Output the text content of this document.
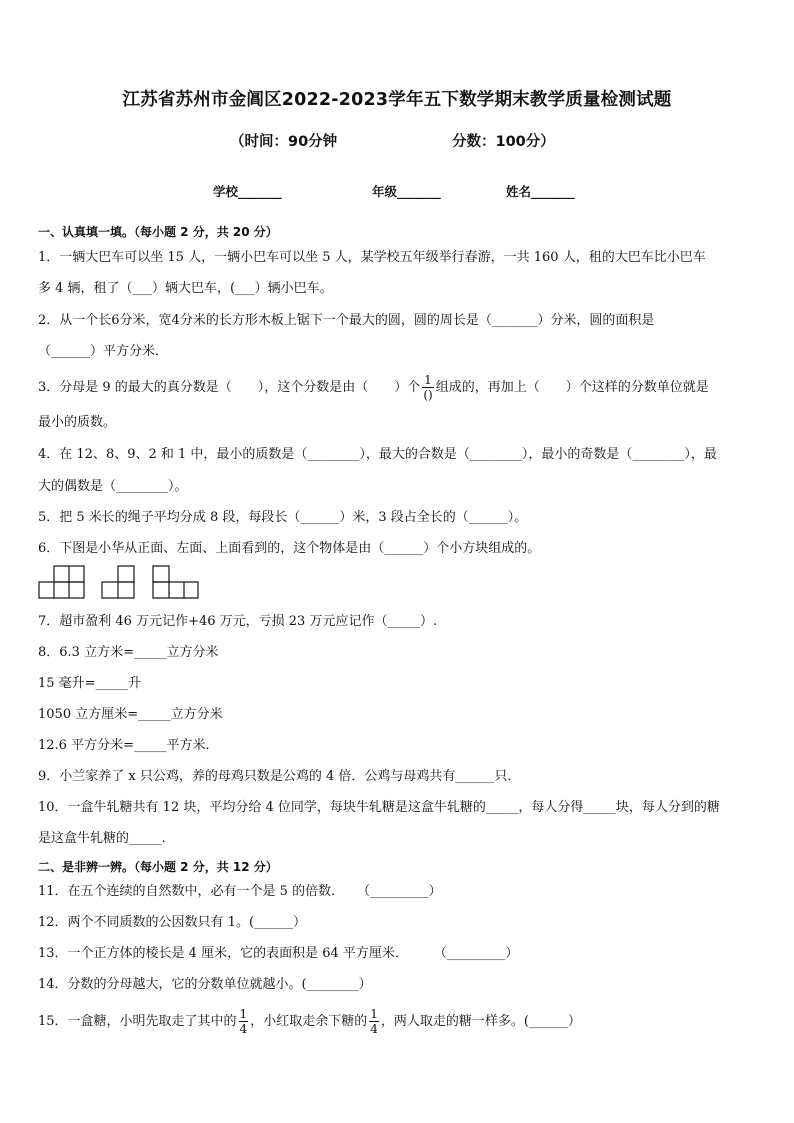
江苏省苏州市金阊区2022-2023学年五下数学期末教学质量检测试题
（时间：90分钟	分数：100分）
学校_______	年级_______	姓名_______
一、认真填一填。（每小题 2 分，共 20 分）
1．一辆大巴车可以坐 15 人，一辆小巴车可以坐 5 人，某学校五年级举行春游，一共 160 人，租的大巴车比小巴车
多 4 辆，租了（___）辆大巴车，(___）辆小巴车。
2．从一个长6分米，宽4分米的长方形木板上锯下一个最大的圆，圆的周长是（_______）分米，圆的面积是
（______）平方分米．
3．分母是 9 的最大的真分数是（　　），这个分数是由（　　）个 $\frac{1}{()}$ 组成的，再加上（　　）个这样的分数单位就是
最小的质数。
4．在 12、8、9、2 和 1 中，最小的质数是（________），最大的合数是（________），最小的奇数是（________），最
大的偶数是（________）。
5．把 5 米长的绳子平均分成 8 段，每段长（______）米，3 段占全长的（______）。
6．下图是小华从正面、左面、上面看到的，这个物体是由（______）个小方块组成的。
7．超市盈利 46 万元记作+46 万元，亏损 23 万元应记作（_____）.
8．6.3 立方米=_____立方分米
15 毫升=_____升
1050 立方厘米=_____立方分米
12.6 平方分米=_____平方米．
9．小兰家养了 x 只公鸡，养的母鸡只数是公鸡的 4 倍．公鸡与母鸡共有______只．
10．一盒牛轧糖共有 12 块，平均分给 4 位同学，每块牛轧糖是这盒牛轧糖的_____，每人分得_____块，每人分到的糖
是这盒牛轧糖的_____.
二、是非辨一辨。（每小题 2 分，共 12 分）
11．在五个连续的自然数中，必有一个是 5 的倍数．　　（_________）
12．两个不同质数的公因数只有 1。(______）
13．一个正方体的棱长是 4 厘米，它的表面积是 64 平方厘米．　　　（_________）
14．分数的分母越大，它的分数单位就越小。(________）
15．一盒糖，小明先取走了其中的 $\frac{1}{4}$ ，小红取走余下糖的 $\frac{1}{4}$ ，两人取走的糖一样多。(______）
